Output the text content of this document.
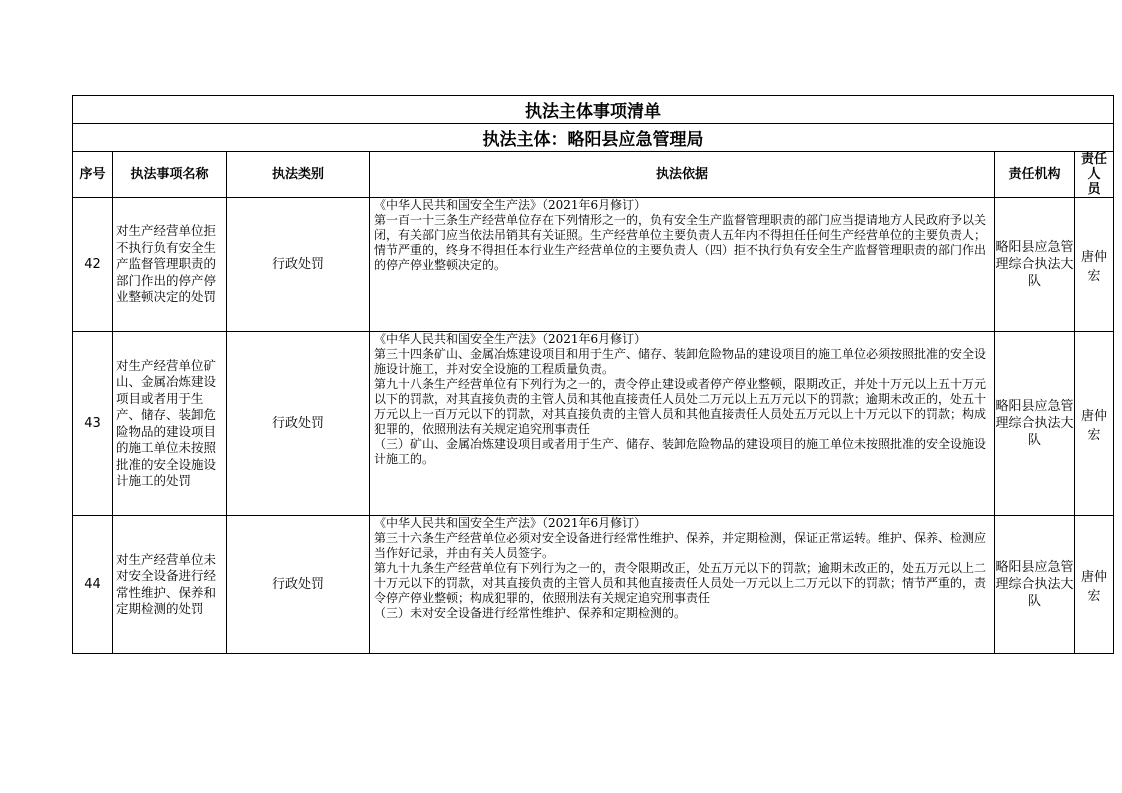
执法主体事项清单					
执法主体：略阳县应急管理局					
序号	执法事项名称	执法类别	执法依据	责任机构	责任人
员
42	对生产经营单位拒不执行负有安全生产监督管理职责的部门作出的停产停业整顿决定的处罚	行政处罚	《中华人民共和国安全生产法》（2021年6月修订）
第一百一十三条生产经营单位存在下列情形之一的，负有安全生产监督管理职责的部门应当提请地方人民政府予以关闭，有关部门应当依法吊销其有关证照。生产经营单位主要负责人五年内不得担任任何生产经营单位的主要负责人；情节严重的，终身不得担任本行业生产经营单位的主要负责人（四）拒不执行负有安全生产监督管理职责的部门作出的停产停业整顿决定的。	略阳县应急管理综合执法大队	唐仲宏
43	对生产经营单位矿山、金属冶炼建设项目或者用于生产、储存、装卸危险物品的建设项目的施工单位未按照批准的安全设施设计施工的处罚	行政处罚	《中华人民共和国安全生产法》（2021年6月修订）
第三十四条矿山、金属冶炼建设项目和用于生产、储存、装卸危险物品的建设项目的施工单位必须按照批准的安全设施设计施工，并对安全设施的工程质量负责。
第九十八条生产经营单位有下列行为之一的，责令停止建设或者停产停业整顿，限期改正，并处十万元以上五十万元以下的罚款，对其直接负责的主管人员和其他直接责任人员处二万元以上五万元以下的罚款；逾期未改正的，处五十万元以上一百万元以下的罚款，对其直接负责的主管人员和其他直接责任人员处五万元以上十万元以下的罚款；构成犯罪的，依照刑法有关规定追究刑事责任
（三）矿山、金属冶炼建设项目或者用于生产、储存、装卸危险物品的建设项目的施工单位未按照批准的安全设施设计施工的。	略阳县应急管理综合执法大队	唐仲宏
44	对生产经营单位未对安全设备进行经常性维护、保养和定期检测的处罚	行政处罚	《中华人民共和国安全生产法》（2021年6月修订）
第三十六条生产经营单位必须对安全设备进行经常性维护、保养，并定期检测，保证正常运转。维护、保养、检测应当作好记录，并由有关人员签字。
第九十九条生产经营单位有下列行为之一的，责令限期改正，处五万元以下的罚款；逾期未改正的，处五万元以上二十万元以下的罚款，对其直接负责的主管人员和其他直接责任人员处一万元以上二万元以下的罚款；情节严重的，责令停产停业整顿；构成犯罪的，依照刑法有关规定追究刑事责任
（三）未对安全设备进行经常性维护、保养和定期检测的。	略阳县应急管理综合执法大队	唐仲宏
